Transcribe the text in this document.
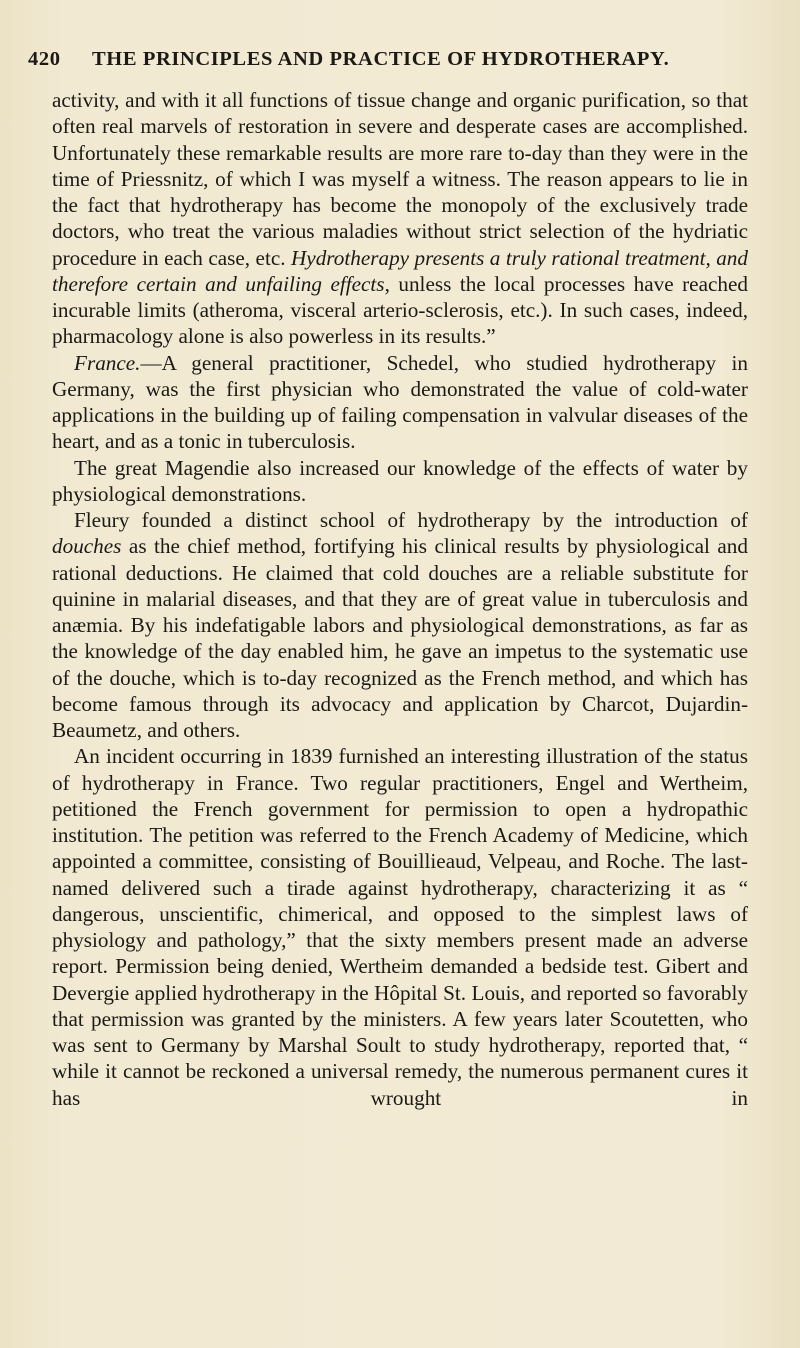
420	THE PRINCIPLES AND PRACTICE OF HYDROTHERAPY.

activity, and with it all functions of tissue change and organic purification, so that often real marvels of restoration in severe and desperate cases are accomplished. Unfortunately these remarkable results are more rare to-day than they were in the time of Priessnitz, of which I was myself a witness. The reason appears to lie in the fact that hydrotherapy has become the monopoly of the exclusively trade doctors, who treat the various maladies without strict selection of the hydriatic procedure in each case, etc. Hydrotherapy presents a truly rational treatment, and therefore certain and unfailing effects, unless the local processes have reached incurable limits (atheroma, visceral arterio-sclerosis, etc.). In such cases, indeed, pharmacology alone is also powerless in its results.”

France.—A general practitioner, Schedel, who studied hydrotherapy in Germany, was the first physician who demonstrated the value of cold-water applications in the building up of failing compensation in valvular diseases of the heart, and as a tonic in tuberculosis.

The great Magendie also increased our knowledge of the effects of water by physiological demonstrations.

Fleury founded a distinct school of hydrotherapy by the introduction of douches as the chief method, fortifying his clinical results by physiological and rational deductions. He claimed that cold douches are a reliable substitute for quinine in malarial diseases, and that they are of great value in tuberculosis and anæmia. By his indefatigable labors and physiological demonstrations, as far as the knowledge of the day enabled him, he gave an impetus to the systematic use of the douche, which is to-day recognized as the French method, and which has become famous through its advocacy and application by Charcot, Dujardin-Beaumetz, and others.

An incident occurring in 1839 furnished an interesting illustration of the status of hydrotherapy in France. Two regular practitioners, Engel and Wertheim, petitioned the French government for permission to open a hydropathic institution. The petition was referred to the French Academy of Medicine, which appointed a committee, consisting of Bouillieaud, Velpeau, and Roche. The last-named delivered such a tirade against hydrotherapy, characterizing it as “ dangerous, unscientific, chimerical, and opposed to the simplest laws of physiology and pathology,” that the sixty members present made an adverse report. Permission being denied, Wertheim demanded a bedside test. Gibert and Devergie applied hydrotherapy in the Hôpital St. Louis, and reported so favorably that permission was granted by the ministers. A few years later Scoutetten, who was sent to Germany by Marshal Soult to study hydrotherapy, reported that, “ while it cannot be reckoned a universal remedy, the numerous permanent cures it has wrought in
